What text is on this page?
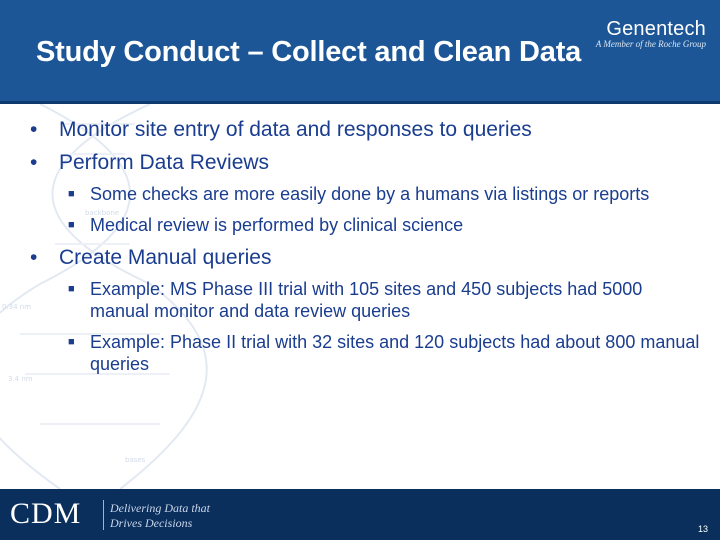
Study Conduct – Collect and Clean Data
Genentech
A Member of the Roche Group
backbone
0.34 nm
3.4 nm
bases
•	Monitor site entry of data and responses to queries
•	Perform Data Reviews
■ Some checks are more easily done by a humans via listings or reports
■ Medical review is performed by clinical science
•	Create Manual queries
■ Example: MS Phase III trial with 105 sites and 450 subjects had 5000 manual monitor and data review queries
■ Example: Phase II trial with 32 sites and 120 subjects had about 800 manual queries
CDM Delivering Data that
Drives Decisions	13
